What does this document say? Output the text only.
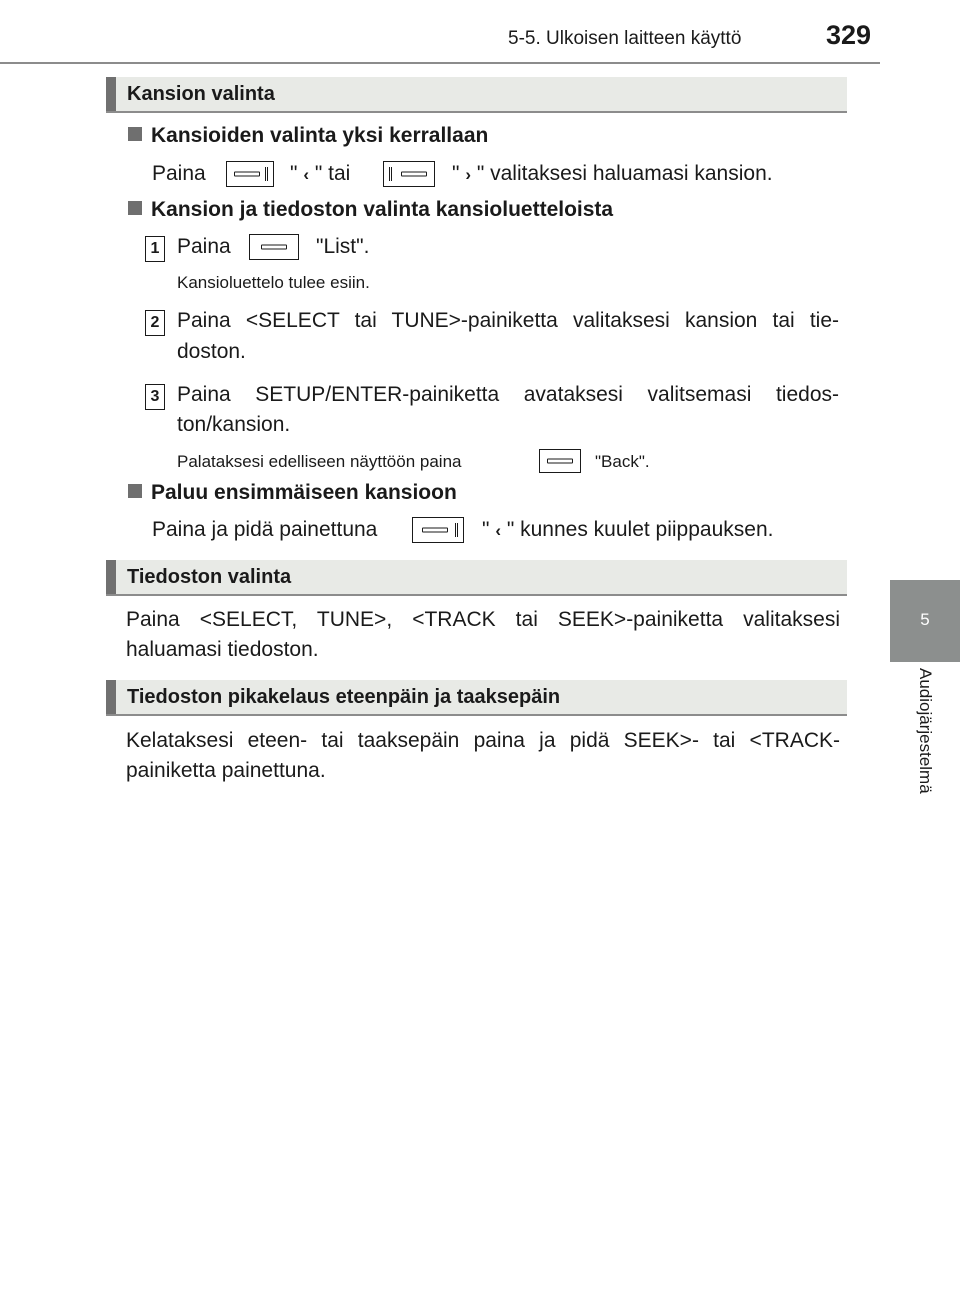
5-5. Ulkoisen laitteen käyttö	329
5
Audiojärjestelmä
Kansion valinta
Kansioiden valinta yksi kerrallaan
Paina	" ‹ " tai	" › " valitaksesi haluamasi kansion.
Kansion ja tiedoston valinta kansioluetteloista
1 Paina	"List".
Kansioluettelo tulee esiin.
2 Paina <SELECT tai TUNE>-painiketta valitaksesi kansion tai tie-
doston.
3 Paina SETUP/ENTER-painiketta avataksesi valitsemasi tiedos-
ton/kansion.
Palataksesi edelliseen näyttöön paina	"Back".
Paluu ensimmäiseen kansioon
Paina ja pidä painettuna	" ‹ " kunnes kuulet piippauksen.
Tiedoston valinta
Paina <SELECT, TUNE>, <TRACK tai SEEK>-painiketta valitaksesi
haluamasi tiedoston.
Tiedoston pikakelaus eteenpäin ja taaksepäin
Kelataksesi eteen- tai taaksepäin paina ja pidä SEEK>- tai <TRACK-
painiketta painettuna.
